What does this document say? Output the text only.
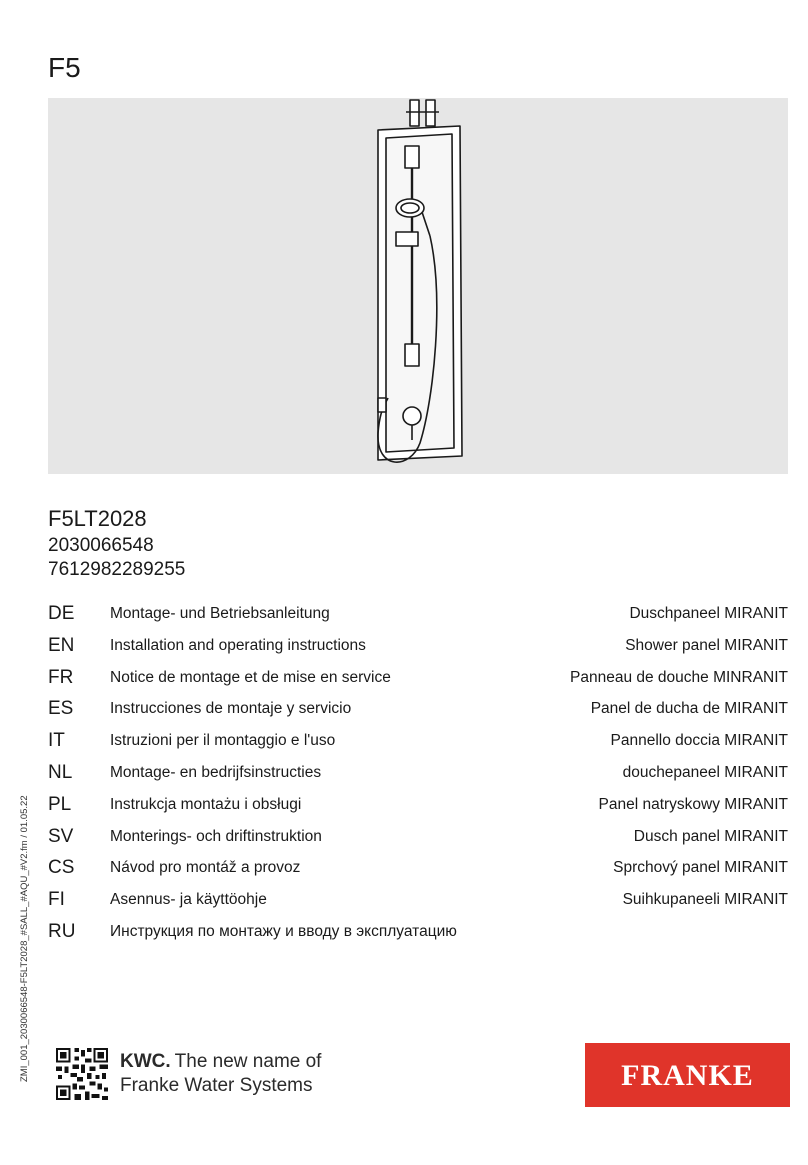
F5
F5LT2028
2030066548
7612982289255
DE Montage- und Betriebsanleitung	Duschpaneel MIRANIT
EN Installation and operating instructions	Shower panel MIRANIT
FR Notice de montage et de mise en service	Panneau de douche MINRANIT
ES Instrucciones de montaje y servicio	Panel de ducha de MIRANIT
IT	Istruzioni per il montaggio e l'uso	Pannello doccia MIRANIT
NL Montage- en bedrijfsinstructies	douchepaneel MIRANIT
PL	Instrukcja montażu i obsługi	Panel natryskowy MIRANIT
SV Monterings- och driftinstruktion	Dusch panel MIRANIT
CS Návod pro montáž a provoz	Sprchový panel MIRANIT
FI	Asennus- ja käyttöohje	Suihkupaneeli MIRANIT
RU Инструкция по монтажу и вводу в эксплуатацию
ZMI_001_2030066548-F5LT2028_#SALL_#AQU_#V2.fm / 01.05.22	KWC. The new name of
Franke Water Systems	FRANKE
